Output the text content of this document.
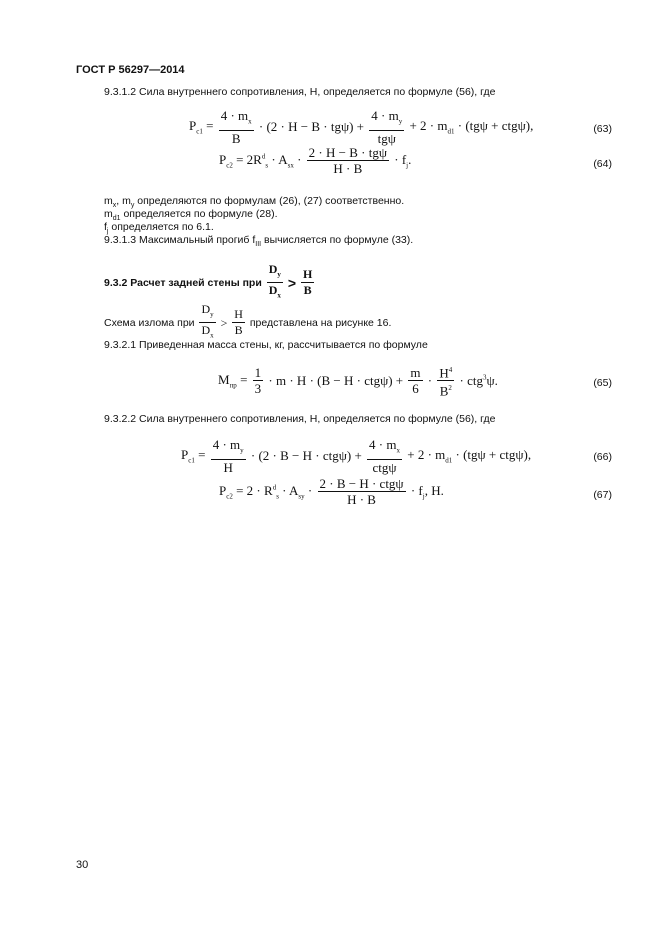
ГОСТ Р 56297—2014
9.3.1.2 Сила внутреннего сопротивления, Н, определяется по формуле (56), где
$P_{c1} = \frac{4 \cdot m_x}{B} \cdot (2 \cdot H - B \cdot tg\psi)$ +
$4 \cdot m_y$
tgψ
+ $2 \cdot m_{d1} \cdot (tg\psi + ctg\psi)$,	(63)
$P_{c2} = 2R^d_s \cdot A_{sx} \cdot 2 \cdot H - B \cdot tg\psi$
H · B
· $f_j$.	(64)
$m_x$, $m_y$ определяются по формулам (26), (27) соответственно.
$m_{d1}$ определяется по формуле (28).
$f_j$ определяется по 6.1.
9.3.1.3 Максимальный прогиб $f_{III}$ вычисляется по формуле (33).
9.3.2 Расчет задней стены при $\frac{D_y}{D_x} > \frac{H}{B}$
Схема излома при $\frac{D_y}{D_x} > \frac{H}{B}$ представлена на рисунке 16.
9.3.2.1 Приведенная масса стены, кг, рассчитывается по формуле
$M_{пр} = \frac{1}{3} \cdot m \cdot H \cdot (B - H \cdot ctg\psi) + \frac{m}{6} \cdot \frac{H^4}{B^2} \cdot ctg^3\psi$.	(65)
9.3.2.2 Сила внутреннего сопротивления, Н, определяется по формуле (56), где
$P_{c1} = \frac{4 \cdot m_y}{H} \cdot (2 \cdot B - H \cdot ctg\psi)$ +
$4 \cdot m_x$
ctgψ
+ $2 \cdot m_{d1} \cdot (tg\psi + ctg\psi)$,	(66)
$P_{c2} = 2 \cdot R^d_s \cdot A_{sy} \cdot 2 \cdot B - H \cdot ctg\psi$
H · B
· $f_j$, H.	(67)
30
